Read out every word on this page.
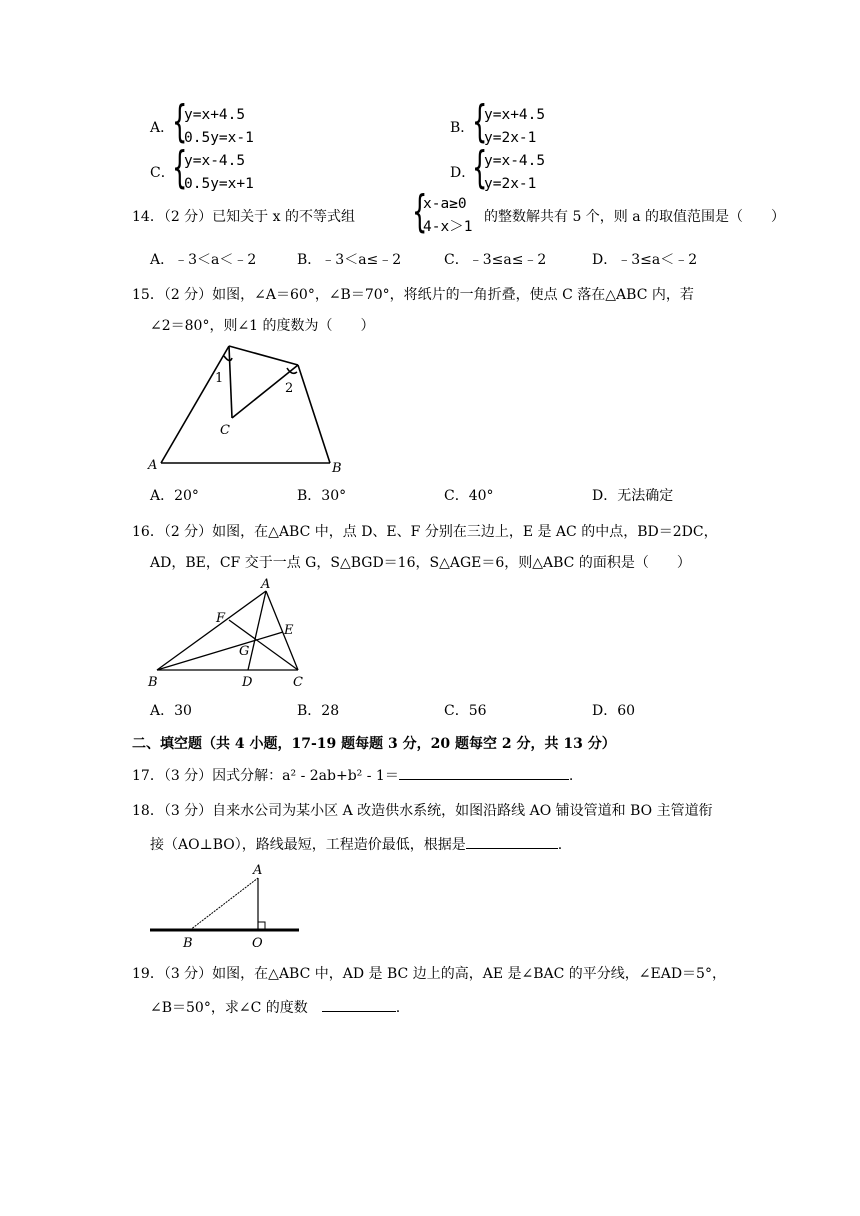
A．
{
y=x+4.5
0.5y=x-1
B．
{
y=x+4.5
y=2x-1
C．
{
y=x-4.5
0.5y=x+1
D．
{
y=x-4.5
y=2x-1
14．（2 分）已知关于 x 的不等式组 {
x-a≥0
4-x＞1
的整数解共有 5 个，则 a 的取值范围是（　　）
A．﹣3＜a＜﹣2	B．﹣3＜a≤﹣2	C．﹣3≤a≤﹣2	D．﹣3≤a＜﹣2
15．（2 分）如图，∠A＝60°，∠B＝70°，将纸片的一角折叠，使点 C 落在△ABC 内，若
∠2＝80°，则∠1 的度数为（　　）
A	B
C
1
2
A．20°	B．30°	C．40°	D．无法确定
16．（2 分）如图，在△ABC 中，点 D、E、F 分别在三边上，E 是 AC 的中点，BD＝2DC，
AD，BE，CF 交于一点 G，S△BGD＝16，S△AGE＝6，则△ABC 的面积是（　　）
A
B	C
D
E
F
G
A．30	B．28	C．56	D．60
二、填空题（共 4 小题，17-19 题每题 3 分，20 题每空 2 分，共 13 分）
17．（3 分）因式分解：a² - 2ab+b² - 1＝	.
18．（3 分）自来水公司为某小区 A 改造供水系统，如图沿路线 AO 铺设管道和 BO 主管道衔
接（AO⊥BO），路线最短，工程造价最低，根据是	.
A
B	O
19．（3 分）如图，在△ABC 中，AD 是 BC 边上的高，AE 是∠BAC 的平分线，∠EAD＝5°，
∠B＝50°，求∠C 的度数	.
